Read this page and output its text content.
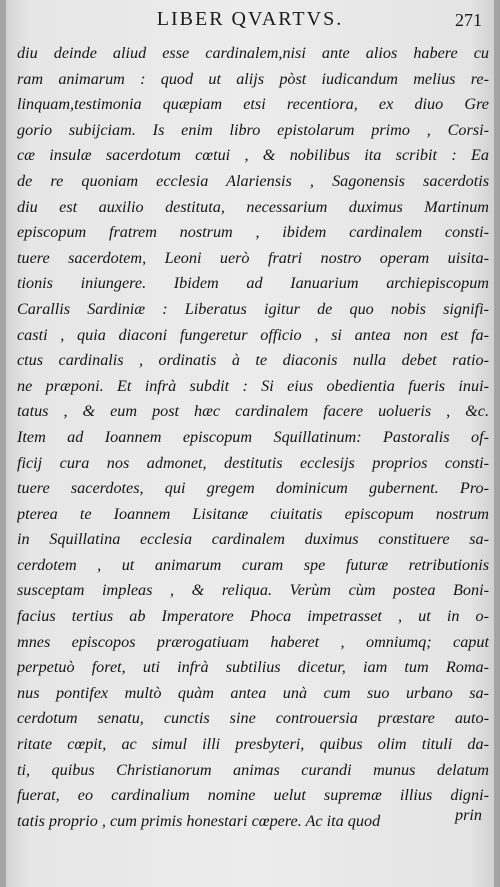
LIBER QVARTVS.	271
diu deinde aliud esse cardinalem,nisi ante alios habere cu
ram animarum : quod ut alijs pòst iudicandum melius re-
linquam,testimonia quæpiam etsi recentiora, ex diuo Gre
gorio subijciam. Is enim libro epistolarum primo , Corsi-
cæ insulæ sacerdotum cœtui , & nobilibus ita scribit : Ea
de re quoniam ecclesia Alariensis , Sagonensis sacerdotis
diu est auxilio destituta, necessarium duximus Martinum
episcopum fratrem nostrum , ibidem cardinalem consti-
tuere sacerdotem, Leoni uerò fratri nostro operam uisita-
tionis iniungere. Ibidem ad Ianuarium archiepiscopum
Carallis Sardiniæ : Liberatus igitur de quo nobis signifi-
casti , quia diaconi fungeretur officio , si antea non est fa-
ctus cardinalis , ordinatis à te diaconis nulla debet ratio-
ne præponi. Et infrà subdit : Si eius obedientia fueris inui-
tatus , & eum post hæc cardinalem facere uolueris , &c.
Item ad Ioannem episcopum Squillatinum: Pastoralis of-
ficij cura nos admonet, destitutis ecclesijs proprios consti-
tuere sacerdotes, qui gregem dominicum gubernent. Pro-
pterea te Ioannem Lisitanæ ciuitatis episcopum nostrum
in Squillatina ecclesia cardinalem duximus constituere sa-
cerdotem , ut animarum curam spe futuræ retributionis
susceptam impleas , & reliqua. Verùm cùm postea Boni-
facius tertius ab Imperatore Phoca impetrasset , ut in o-
mnes episcopos prærogatiuam haberet , omniumq; caput
perpetuò foret, uti infrà subtilius dicetur, iam tum Roma-
nus pontifex multò quàm antea unà cum suo urbano sa-
cerdotum senatu, cunctis sine controuersia præstare auto-
ritate cœpit, ac simul illi presbyteri, quibus olim tituli da-
ti, quibus Christianorum animas curandi munus delatum
fuerat, eo cardinalium nomine uelut supremæ illius digni-
tatis proprio , cum primis honestari cœpere. Ac ita quod	prin
